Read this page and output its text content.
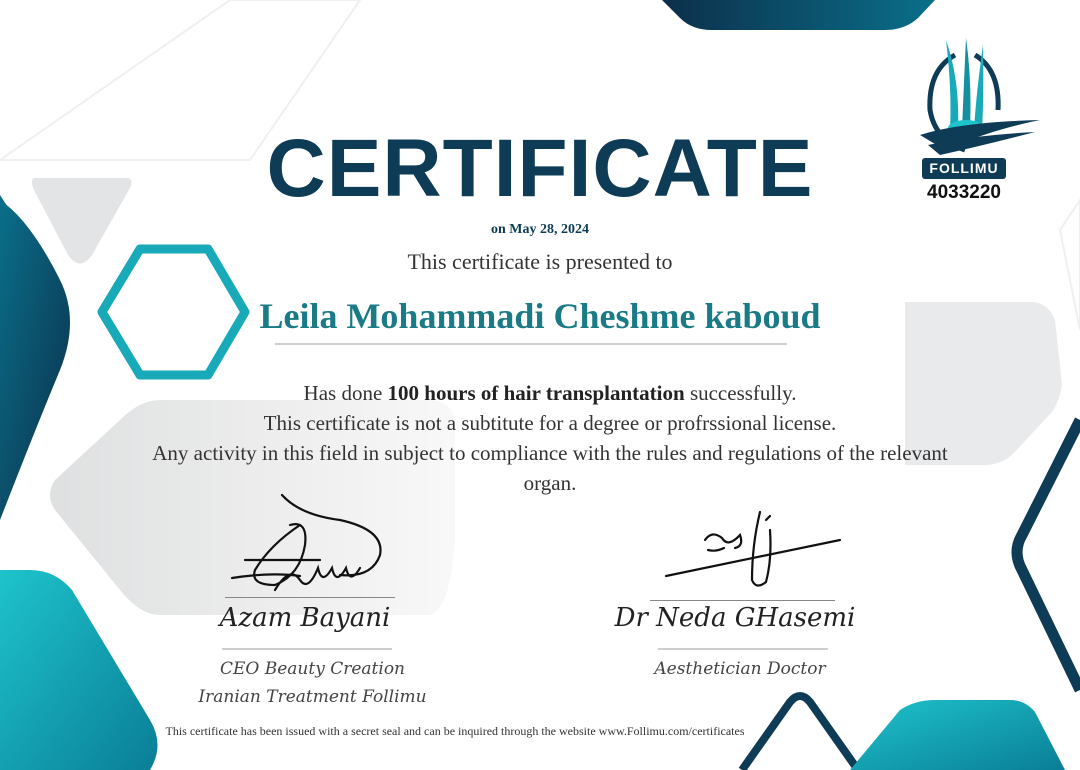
FOLLIMU
4033220
CERTIFICATE
on May 28, 2024
This certificate is presented to
Leila Mohammadi Cheshme kaboud

Has done 100 hours of hair transplantation successfully.

This certificate is not a subtitute for a degree or profrssional license.

Any activity in this field in subject to compliance with the rules and regulations of the relevant organ.

Azam Bayani
CEO Beauty Creation
Iranian Treatment Follimu
Dr Neda GHasemi
Aesthetician Doctor
This certificate has been issued with a secret seal and can be inquired through the website www.Follimu.com/certificates
